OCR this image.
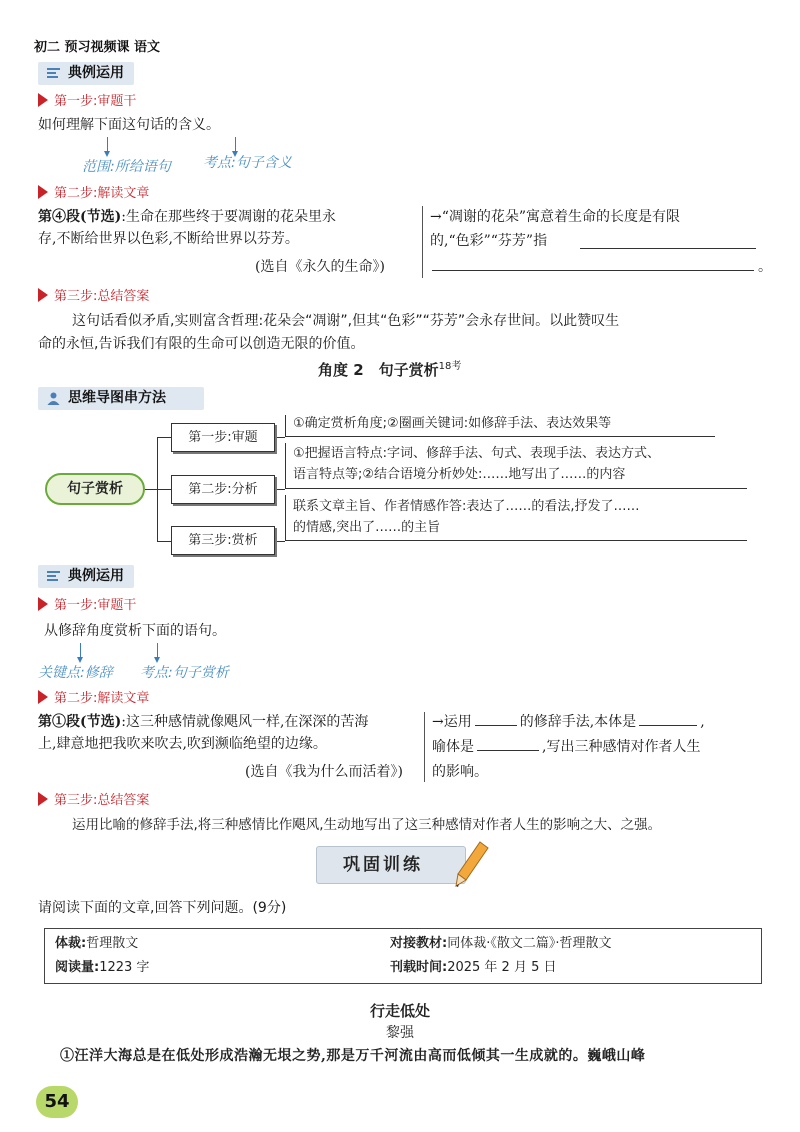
初二 预习视频课 语文
典例运用
第一步:审题干
如何理解下面这句话的含义。
范围:所给语句 考点:句子含义
第二步:解读文章
第④段(节选):生命在那些终于要凋谢的花朵里永
存,不断给世界以色彩,不断给世界以芬芳。
(选自《永久的生命》)
→“凋谢的花朵”寓意着生命的长度是有限
的,“色彩”“芬芳”指
。
第三步:总结答案
这句话看似矛盾,实则富含哲理:花朵会“凋谢”,但其“色彩”“芬芳”会永存世间。以此赞叹生
命的永恒,告诉我们有限的生命可以创造无限的价值。
角度 2　句子赏析$^{18考}$
思维导图串方法
句子赏析
第一步:审题
第二步:分析
第三步:赏析
①确定赏析角度;②圈画关键词:如修辞手法、表达效果等
①把握语言特点:字词、修辞手法、句式、表现手法、表达方式、
语言特点等;②结合语境分析妙处:……地写出了……的内容
联系文章主旨、作者情感作答:表达了……的看法,抒发了……
的情感,突出了……的主旨
典例运用
第一步:审题干
从修辞角度赏析下面的语句。
关键点:修辞 考点:句子赏析
第二步:解读文章
第①段(节选):这三种感情就像飓风一样,在深深的苦海
上,肆意地把我吹来吹去,吹到濒临绝望的边缘。
(选自《我为什么而活着》)
→运用	的修辞手法,本体是	,
喻体是	,写出三种感情对作者人生
的影响。
第三步:总结答案
运用比喻的修辞手法,将三种感情比作飓风,生动地写出了这三种感情对作者人生的影响之大、之强。
巩固训练
请阅读下面的文章,回答下列问题。(9分)
体裁:哲理散文	对接教材:同体裁·《散文二篇》·哲理散文
阅读量:1223 字	刊载时间:2025 年 2 月 5 日
行走低处
黎强
①汪洋大海总是在低处形成浩瀚无垠之势,那是万千河流由高而低倾其一生成就的。巍峨山峰
54
